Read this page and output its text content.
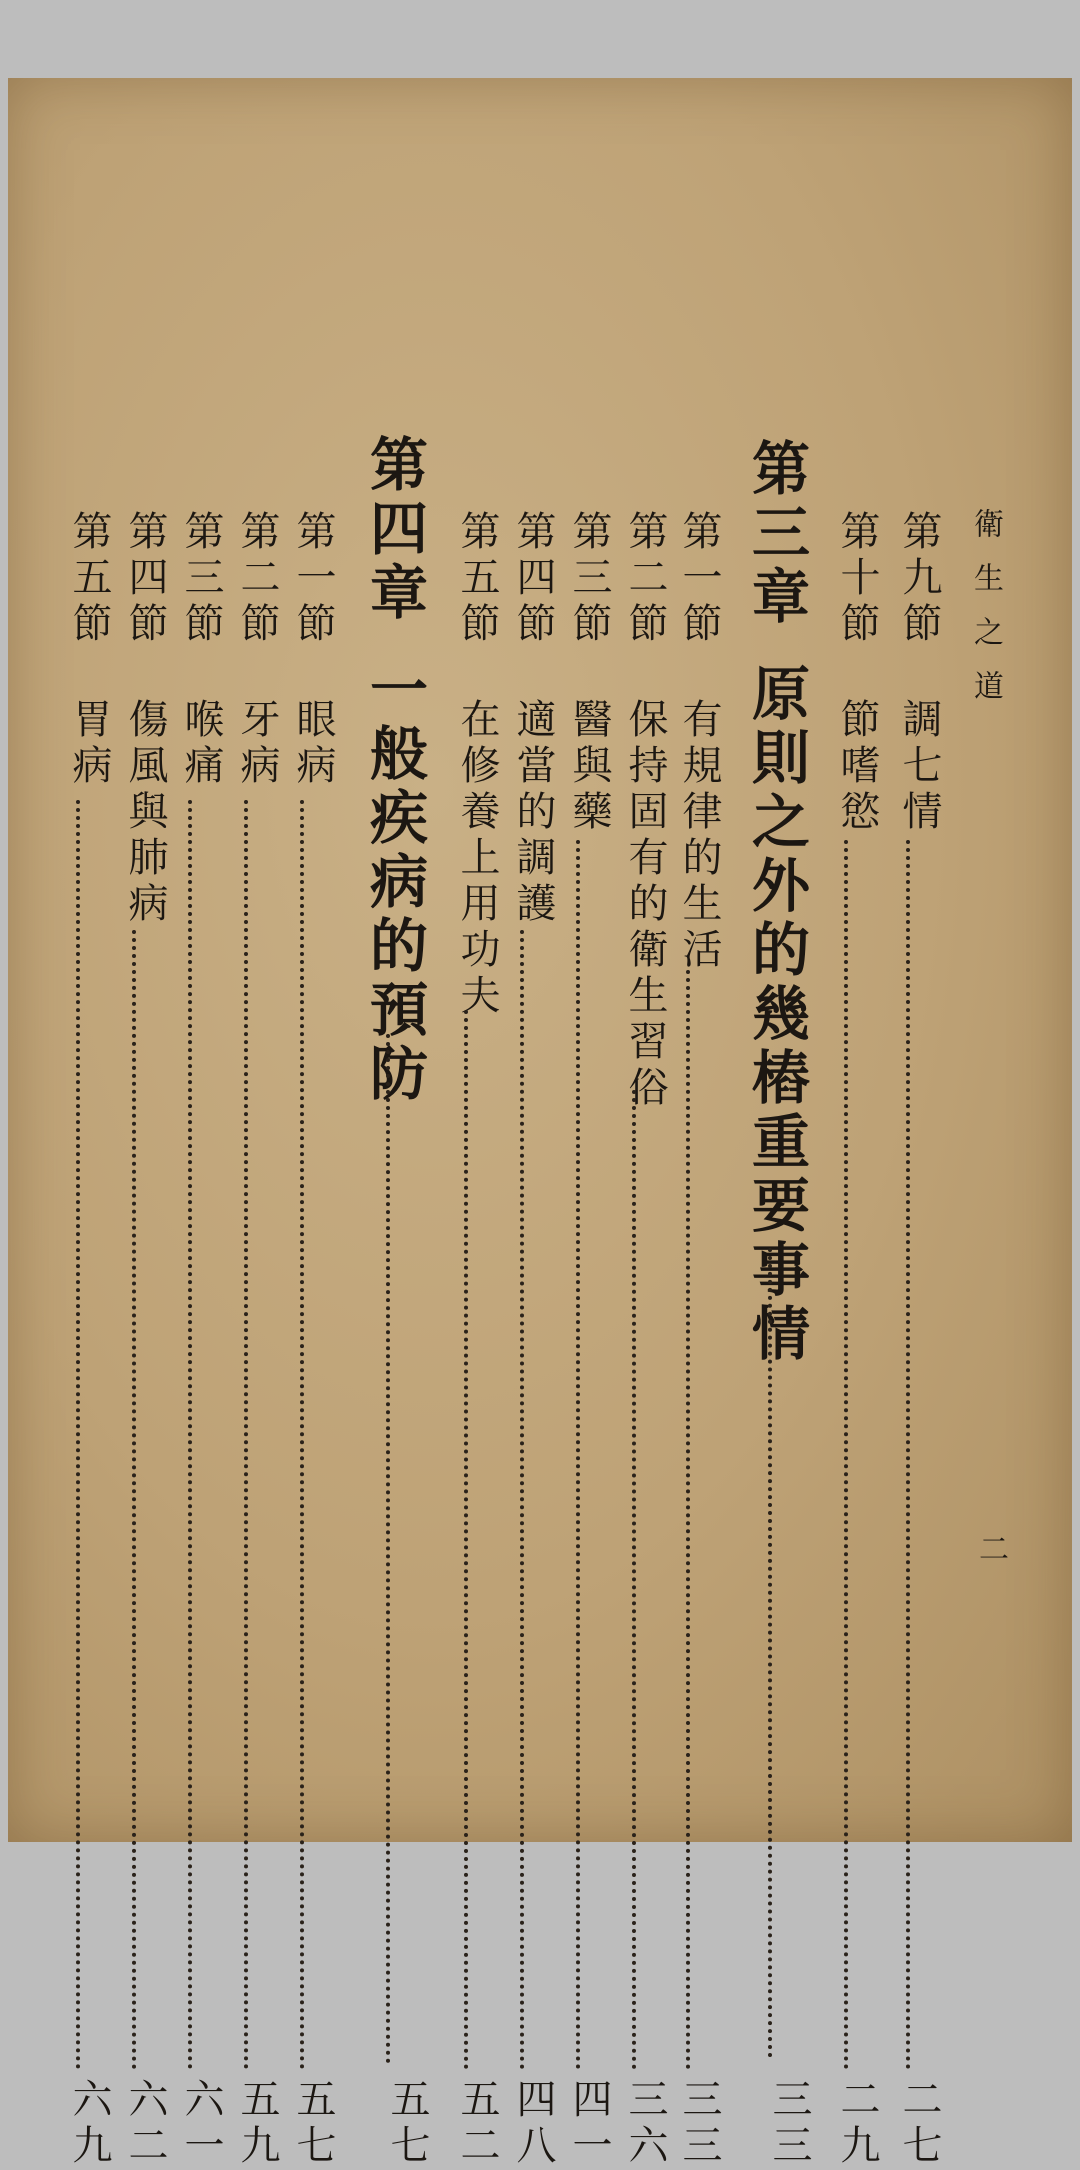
衛生之道
二
第九節
調七情
二七
第十節
節嗜慾
二九
第三章
原則之外的幾樁重要事情
三三
第一節
有規律的生活
三三
第二節
保持固有的衛生習俗
三六
第三節
醫與藥
四一
第四節
適當的調護
四八
第五節
在修養上用功夫
五二
第四章
一般疾病的預防
五七
第一節
眼病
五七
第二節
牙病
五九
第三節
喉痛
六一
第四節
傷風與肺病
六二
第五節
胃病
六九
